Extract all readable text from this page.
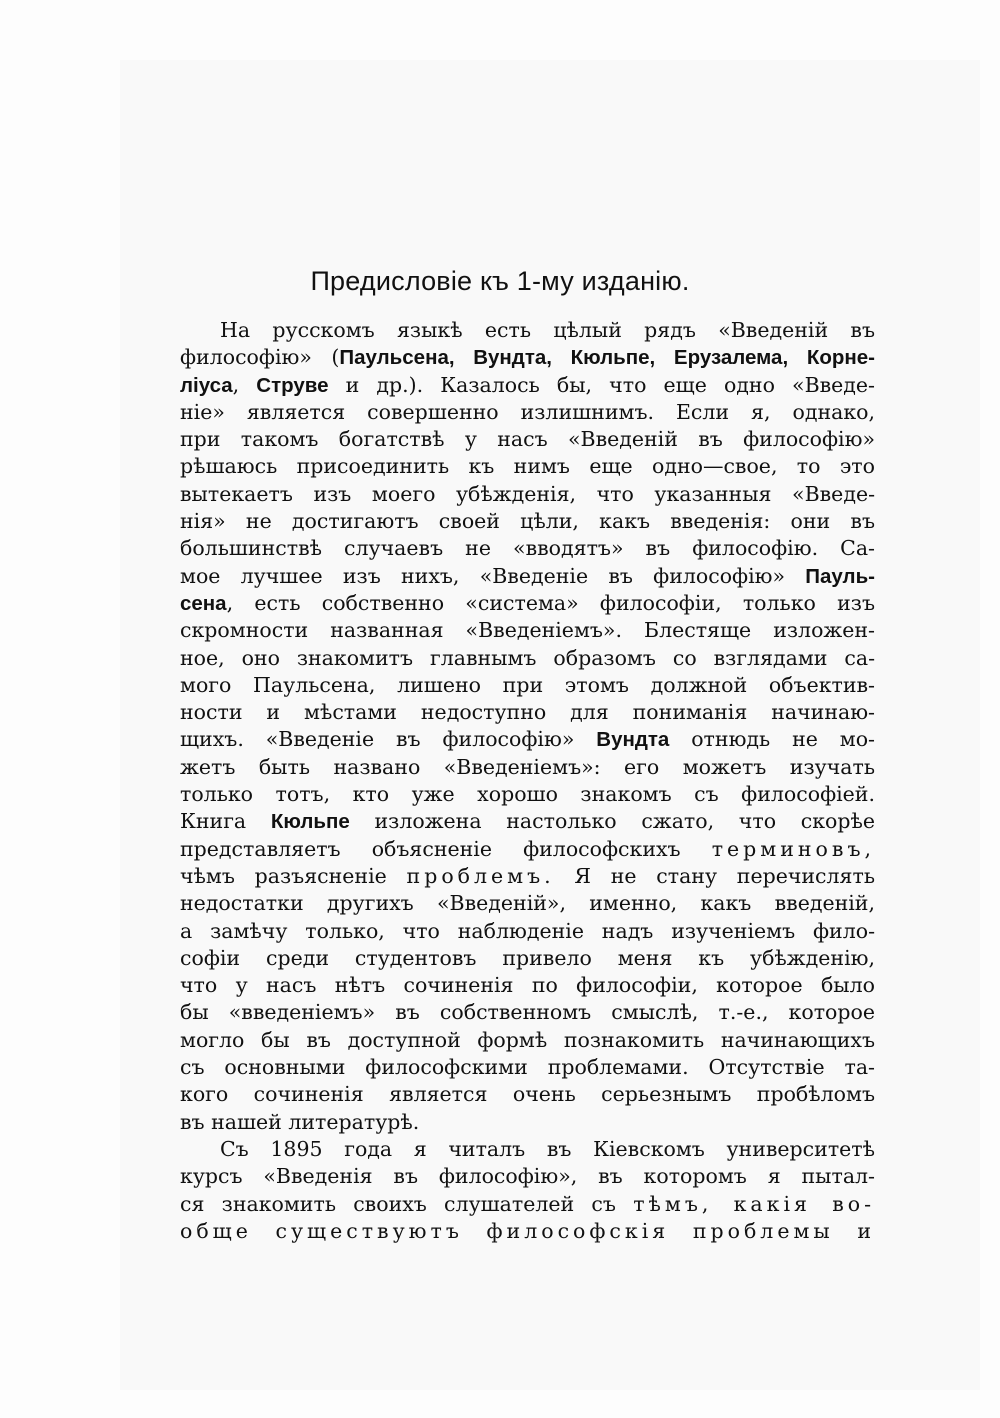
Предисловіе къ 1-му изданію.
На русскомъ языкѣ есть цѣлый рядъ «Введеній въ
философію» (Паульсена, Вундта, Кюльпе, Ерузалема, Корне-
ліуса, Струве и др.). Казалось бы, что еще одно «Введе-
ніе» является совершенно излишнимъ. Если я, однако,
при такомъ богатствѣ у насъ «Введеній въ философію»
рѣшаюсь присоединить къ нимъ еще одно—свое, то это
вытекаетъ изъ моего убѣжденія, что указанныя «Введе-
нія» не достигаютъ своей цѣли, какъ введенія: они въ
большинствѣ случаевъ не «вводятъ» въ философію. Са-
мое лучшее изъ нихъ, «Введеніе въ философію» Пауль-
сена, есть собственно «система» философіи, только изъ
скромности названная «Введеніемъ». Блестяще изложен-
ное, оно знакомитъ главнымъ образомъ со взглядами са-
мого Паульсена, лишено при этомъ должной объектив-
ности и мѣстами недоступно для пониманія начинаю-
щихъ. «Введеніе въ философію» Вундта отнюдь не мо-
жетъ быть названо «Введеніемъ»: его можетъ изучать
только тотъ, кто уже хорошо знакомъ съ философіей.
Книга Кюльпе изложена настолько сжато, что скорѣе
представляетъ объясненіе философскихъ терминовъ,
чѣмъ разъясненіе проблемъ. Я не стану перечислять
недостатки другихъ «Введеній», именно, какъ введеній,
а замѣчу только, что наблюденіе надъ изученіемъ фило-
софіи среди студентовъ привело меня къ убѣжденію,
что у насъ нѣтъ сочиненія по философіи, которое было
бы «введеніемъ» въ собственномъ смыслѣ, т.-е., которое
могло бы въ доступной формѣ познакомить начинающихъ
съ основными философскими проблемами. Отсутствіе та-
кого сочиненія является очень серьезнымъ пробѣломъ
въ нашей литературѣ.
Съ 1895 года я читалъ въ Кіевскомъ университетѣ
курсъ «Введенія въ философію», въ которомъ я пытал-
ся знакомить своихъ слушателей съ тѣмъ, какія во-
обще существуютъ философскія проблемы и
